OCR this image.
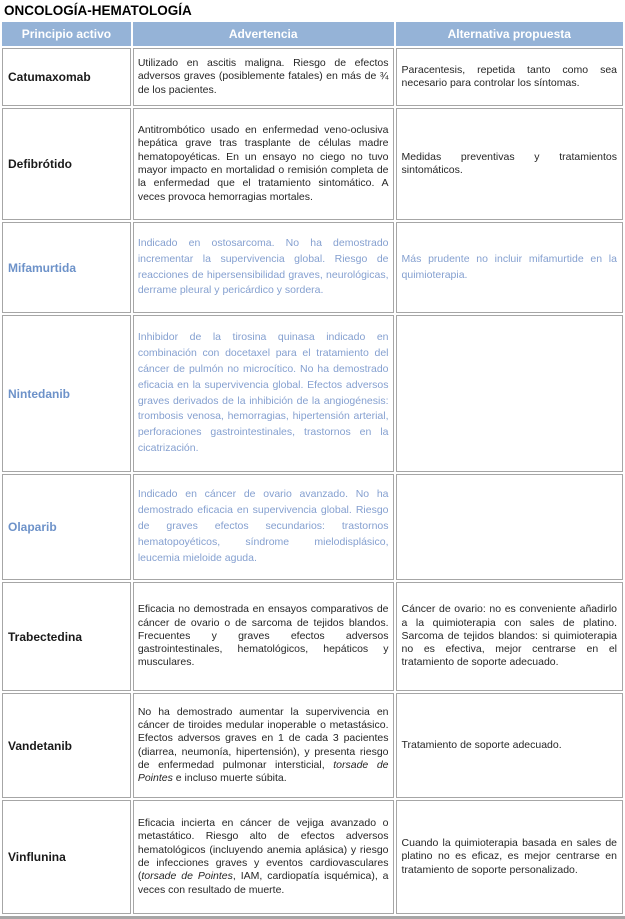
ONCOLOGÍA-HEMATOLOGÍA
Principio activo	Advertencia	Alternativa propuesta
Catumaxomab	Utilizado en ascitis maligna. Riesgo de efectos adversos graves (posiblemente fatales) en más de ¾ de los pacientes.	Paracentesis, repetida tanto como sea necesario para controlar los síntomas.
Defibrótido	Antitrombótico usado en enfermedad veno-oclusiva hepática grave tras trasplante de células madre hematopoyéticas. En un ensayo no ciego no tuvo mayor impacto en mortalidad o remisión completa de la enfermedad que el tratamiento sintomático. A veces provoca hemorragias mortales.	Medidas preventivas y tratamientos sintomáticos.
Mifamurtida	Indicado en ostosarcoma. No ha demostrado incrementar la supervivencia global. Riesgo de reacciones de hipersensibilidad graves, neurológicas, derrame pleural y pericárdico y sordera.	Más prudente no incluir mifamurtide en la quimioterapia.
Nintedanib	Inhibidor de la tirosina quinasa indicado en combinación con docetaxel para el tratamiento del cáncer de pulmón no microcítico. No ha demostrado eficacia en la supervivencia global. Efectos adversos graves derivados de la inhibición de la angiogénesis: trombosis venosa, hemorragias, hipertensión arterial, perforaciones gastrointestinales, trastornos en la cicatrización.	
Olaparib	Indicado en cáncer de ovario avanzado. No ha demostrado eficacia en supervivencia global. Riesgo de graves efectos secundarios: trastornos hematopoyéticos, síndrome mielodisplásico, leucemia mieloide aguda.	
Trabectedina	Eficacia no demostrada en ensayos comparativos de cáncer de ovario o de sarcoma de tejidos blandos. Frecuentes y graves efectos adversos gastrointestinales, hematológicos, hepáticos y musculares.	Cáncer de ovario: no es conveniente añadirlo a la quimioterapia con sales de platino. Sarcoma de tejidos blandos: si quimioterapia no es efectiva, mejor centrarse en el tratamiento de soporte adecuado.
Vandetanib	No ha demostrado aumentar la supervivencia en cáncer de tiroides medular inoperable o metastásico. Efectos adversos graves en 1 de cada 3 pacientes (diarrea, neumonía, hipertensión), y presenta riesgo de enfermedad pulmonar intersticial, torsade de Pointes e incluso muerte súbita.	Tratamiento de soporte adecuado.
Vinflunina	Eficacia incierta en cáncer de vejiga avanzado o metastático. Riesgo alto de efectos adversos hematológicos (incluyendo anemia aplásica) y riesgo de infecciones graves y eventos cardiovasculares (torsade de Pointes, IAM, cardiopatía isquémica), a veces con resultado de muerte.	Cuando la quimioterapia basada en sales de platino no es eficaz, es mejor centrarse en tratamiento de soporte personalizado.
